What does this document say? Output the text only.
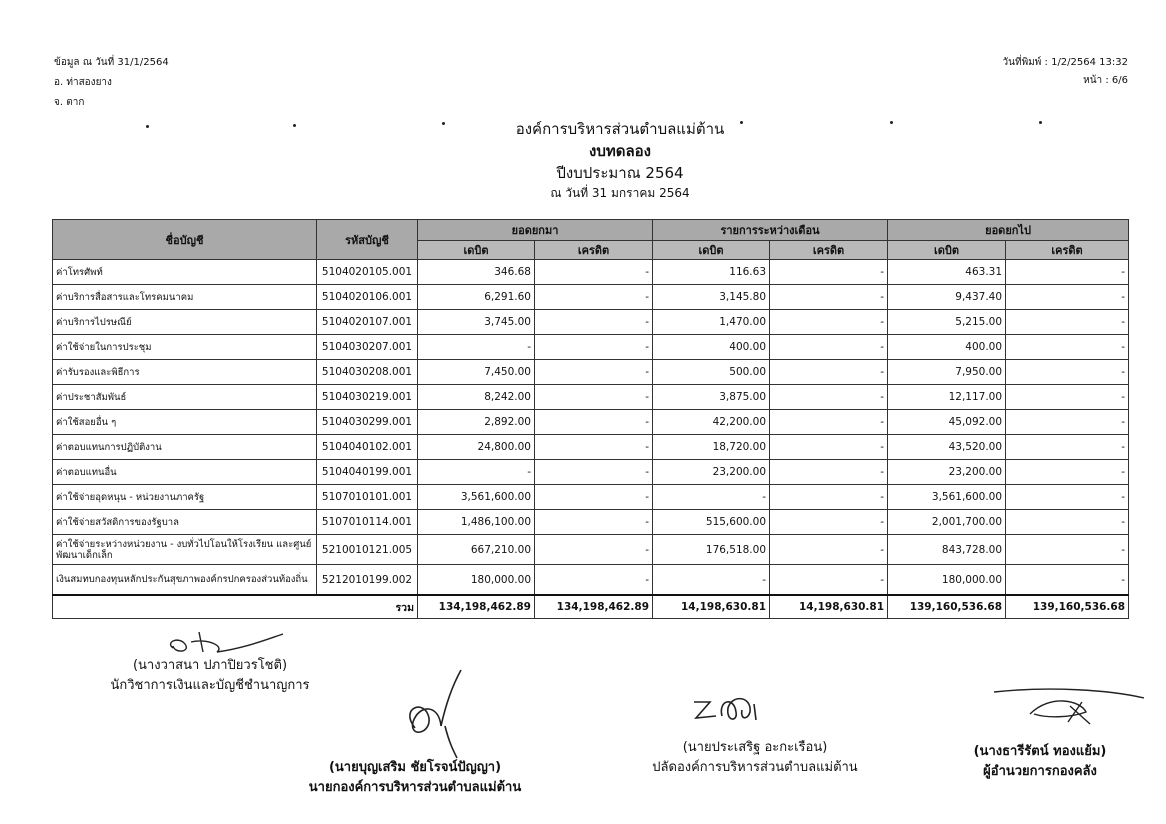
ข้อมูล ณ วันที่ 31/1/2564
อ. ท่าสองยาง
จ. ตาก
วันที่พิมพ์ : 1/2/2564 13:32
หน้า : 6/6
องค์การบริหารส่วนตำบลแม่ต้าน
งบทดลอง
ปีงบประมาณ 2564
ณ วันที่ 31 มกราคม 2564
ชื่อบัญชี	รหัสบัญชี	ยอดยกมา		รายการระหว่างเดือน		ยอดยกไป	
		เดบิต	เครดิต	เดบิต	เครดิต	เดบิต	เครดิต
ค่าโทรศัพท์	5104020105.001	346.68	-	116.63	-	463.31	-
ค่าบริการสื่อสารและโทรคมนาคม	5104020106.001	6,291.60	-	3,145.80	-	9,437.40	-
ค่าบริการไปรษณีย์	5104020107.001	3,745.00	-	1,470.00	-	5,215.00	-
ค่าใช้จ่ายในการประชุม	5104030207.001	-	-	400.00	-	400.00	-
ค่ารับรองและพิธีการ	5104030208.001	7,450.00	-	500.00	-	7,950.00	-
ค่าประชาสัมพันธ์	5104030219.001	8,242.00	-	3,875.00	-	12,117.00	-
ค่าใช้สอยอื่น ๆ	5104030299.001	2,892.00	-	42,200.00	-	45,092.00	-
ค่าตอบแทนการปฏิบัติงาน	5104040102.001	24,800.00	-	18,720.00	-	43,520.00	-
ค่าตอบแทนอื่น	5104040199.001	-	-	23,200.00	-	23,200.00	-
ค่าใช้จ่ายอุดหนุน - หน่วยงานภาครัฐ	5107010101.001	3,561,600.00	-	-	-	3,561,600.00	-
ค่าใช้จ่ายสวัสดิการของรัฐบาล	5107010114.001	1,486,100.00	-	515,600.00	-	2,001,700.00	-
ค่าใช้จ่ายระหว่างหน่วยงาน - งบทั่วไปโอนให้โรงเรียน และศูนย์พัฒนาเด็กเล็ก	5210010121.005	667,210.00	-	176,518.00	-	843,728.00	-
เงินสมทบกองทุนหลักประกันสุขภาพองค์กรปกครองส่วนท้องถิ่น	5212010199.002	180,000.00	-	-	-	180,000.00	-
รวม		134,198,462.89	134,198,462.89	14,198,630.81	14,198,630.81	139,160,536.68	139,160,536.68
(นางวาสนา ปภาปิยวรโชติ)
นักวิชาการเงินและบัญชีชำนาญการ
(นายบุญเสริม ชัยโรจน์ปัญญา)
นายกองค์การบริหารส่วนตำบลแม่ต้าน
(นายประเสริฐ อะกะเรือน)
ปลัดองค์การบริหารส่วนตำบลแม่ต้าน
(นางธารีรัตน์ ทองแย้ม)
ผู้อำนวยการกองคลัง
